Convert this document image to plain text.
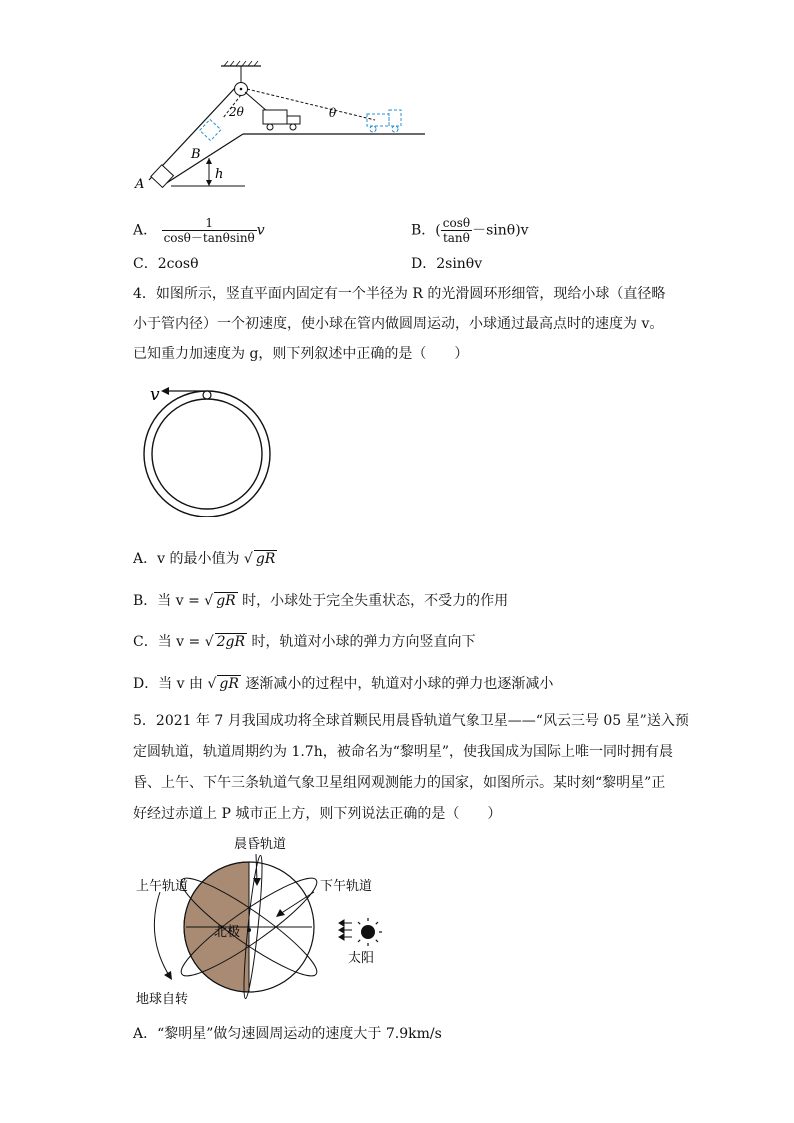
2θ	θ
B
A
h
A． $\frac{1}{\cos\theta-\tan\theta\sin\theta}$ v	B．( $\frac{\cos\theta}{\tan\theta} -\sin\theta)v$
C．2cosθ	D．2sinθv
4．如图所示，竖直平面内固定有一个半径为 R 的光滑圆环形细管，现给小球（直径略
小于管内径）一个初速度，使小球在管内做圆周运动，小球通过最高点时的速度为 v。
已知重力加速度为 g，则下列叙述中正确的是（　　）
v
A．v 的最小值为 √ gR
B．当 v = √ gR 时，小球处于完全失重状态，不受力的作用
C．当 v = √ 2gR 时，轨道对小球的弹力方向竖直向下
D．当 v 由 √ gR 逐渐减小的过程中，轨道对小球的弹力也逐渐减小
5．2021 年 7 月我国成功将全球首颗民用晨昏轨道气象卫星——“风云三号 05 星”送入预
定圆轨道，轨道周期约为 1.7h，被命名为“黎明星”，使我国成为国际上唯一同时拥有晨
昏、上午、下午三条轨道气象卫星组网观测能力的国家，如图所示。某时刻“黎明星”正
好经过赤道上 P 城市正上方，则下列说法正确的是（　　）
晨昏轨道
上午轨道	下午轨道
北极
太阳
地球自转
A．“黎明星”做匀速圆周运动的速度大于 7.9km/s
